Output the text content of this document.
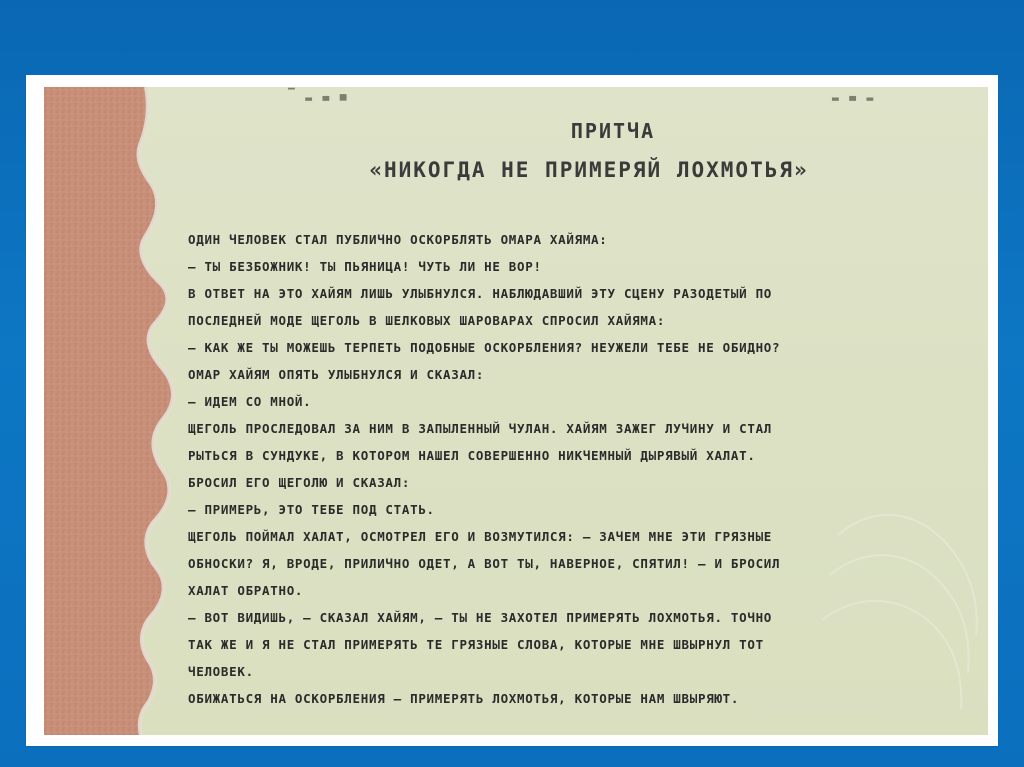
▔ ▂ ▃ ▄	▂ ▃ ▂
ПРИТЧА
«НИКОГДА НЕ ПРИМЕРЯЙ ЛОХМОТЬЯ»
ОДИН ЧЕЛОВЕК СТАЛ ПУБЛИЧНО ОСКОРБЛЯТЬ ОМАРА ХАЙЯМА:
– ТЫ БЕЗБОЖНИК! ТЫ ПЬЯНИЦА! ЧУТЬ ЛИ НЕ ВОР!
В ОТВЕТ НА ЭТО ХАЙЯМ ЛИШЬ УЛЫБНУЛСЯ. НАБЛЮДАВШИЙ ЭТУ СЦЕНУ РАЗОДЕТЫЙ ПО
ПОСЛЕДНЕЙ МОДЕ ЩЕГОЛЬ В ШЕЛКОВЫХ ШАРОВАРАХ СПРОСИЛ ХАЙЯМА:
– КАК ЖЕ ТЫ МОЖЕШЬ ТЕРПЕТЬ ПОДОБНЫЕ ОСКОРБЛЕНИЯ? НЕУЖЕЛИ ТЕБЕ НЕ ОБИДНО?
ОМАР ХАЙЯМ ОПЯТЬ УЛЫБНУЛСЯ И СКАЗАЛ:
– ИДЕМ СО МНОЙ.
ЩЕГОЛЬ ПРОСЛЕДОВАЛ ЗА НИМ В ЗАПЫЛЕННЫЙ ЧУЛАН. ХАЙЯМ ЗАЖЕГ ЛУЧИНУ И СТАЛ
РЫТЬСЯ В СУНДУКЕ, В КОТОРОМ НАШЕЛ СОВЕРШЕННО НИКЧЕМНЫЙ ДЫРЯВЫЙ ХАЛАТ.
БРОСИЛ ЕГО ЩЕГОЛЮ И СКАЗАЛ:
– ПРИМЕРЬ, ЭТО ТЕБЕ ПОД СТАТЬ.
ЩЕГОЛЬ ПОЙМАЛ ХАЛАТ, ОСМОТРЕЛ ЕГО И ВОЗМУТИЛСЯ: – ЗАЧЕМ МНЕ ЭТИ ГРЯЗНЫЕ
ОБНОСКИ? Я, ВРОДЕ, ПРИЛИЧНО ОДЕТ, А ВОТ ТЫ, НАВЕРНОЕ, СПЯТИЛ! – И БРОСИЛ
ХАЛАТ ОБРАТНО.
– ВОТ ВИДИШЬ, – СКАЗАЛ ХАЙЯМ, – ТЫ НЕ ЗАХОТЕЛ ПРИМЕРЯТЬ ЛОХМОТЬЯ. ТОЧНО
ТАК ЖЕ И Я НЕ СТАЛ ПРИМЕРЯТЬ ТЕ ГРЯЗНЫЕ СЛОВА, КОТОРЫЕ МНЕ ШВЫРНУЛ ТОТ
ЧЕЛОВЕК.
ОБИЖАТЬСЯ НА ОСКОРБЛЕНИЯ – ПРИМЕРЯТЬ ЛОХМОТЬЯ, КОТОРЫЕ НАМ ШВЫРЯЮТ.
